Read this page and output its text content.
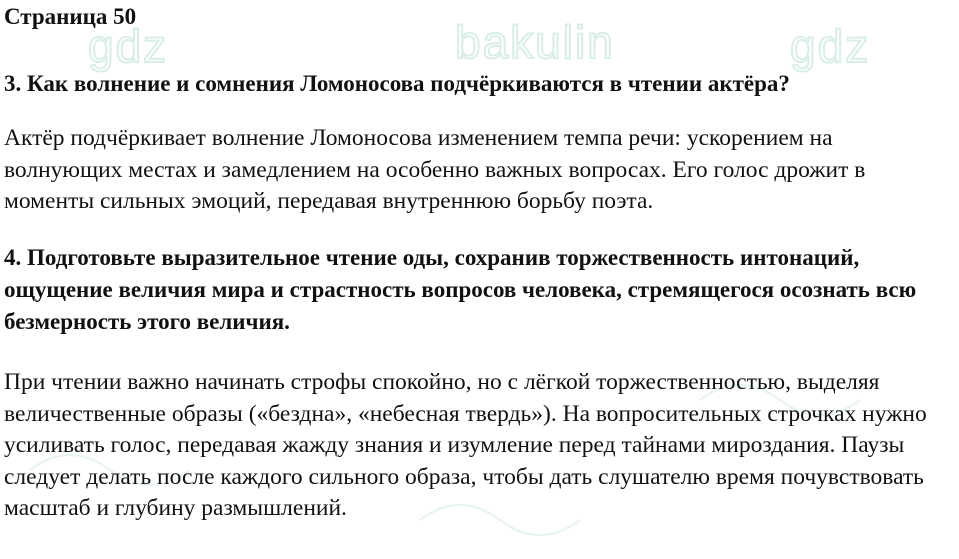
gdz	bakulin	gdz
Страница 50

3. Как волнение и сомнения Ломоносова подчёркиваются в чтении актёра?

Актёр подчёркивает волнение Ломоносова изменением темпа речи: ускорением на волнующих местах и замедлением на особенно важных вопросах. Его голос дрожит в моменты сильных эмоций, передавая внутреннюю борьбу поэта.

4. Подготовьте выразительное чтение оды, сохранив торжественность интонаций, ощущение величия мира и страстность вопросов человека, стремящегося осознать всю безмерность этого величия.

При чтении важно начинать строфы спокойно, но с лёгкой торжественностью, выделяя величественные образы («бездна», «небесная твердь»). На вопросительных строчках нужно усиливать голос, передавая жажду знания и изумление перед тайнами мироздания. Паузы следует делать после каждого сильного образа, чтобы дать слушателю время почувствовать масштаб и глубину размышлений.
